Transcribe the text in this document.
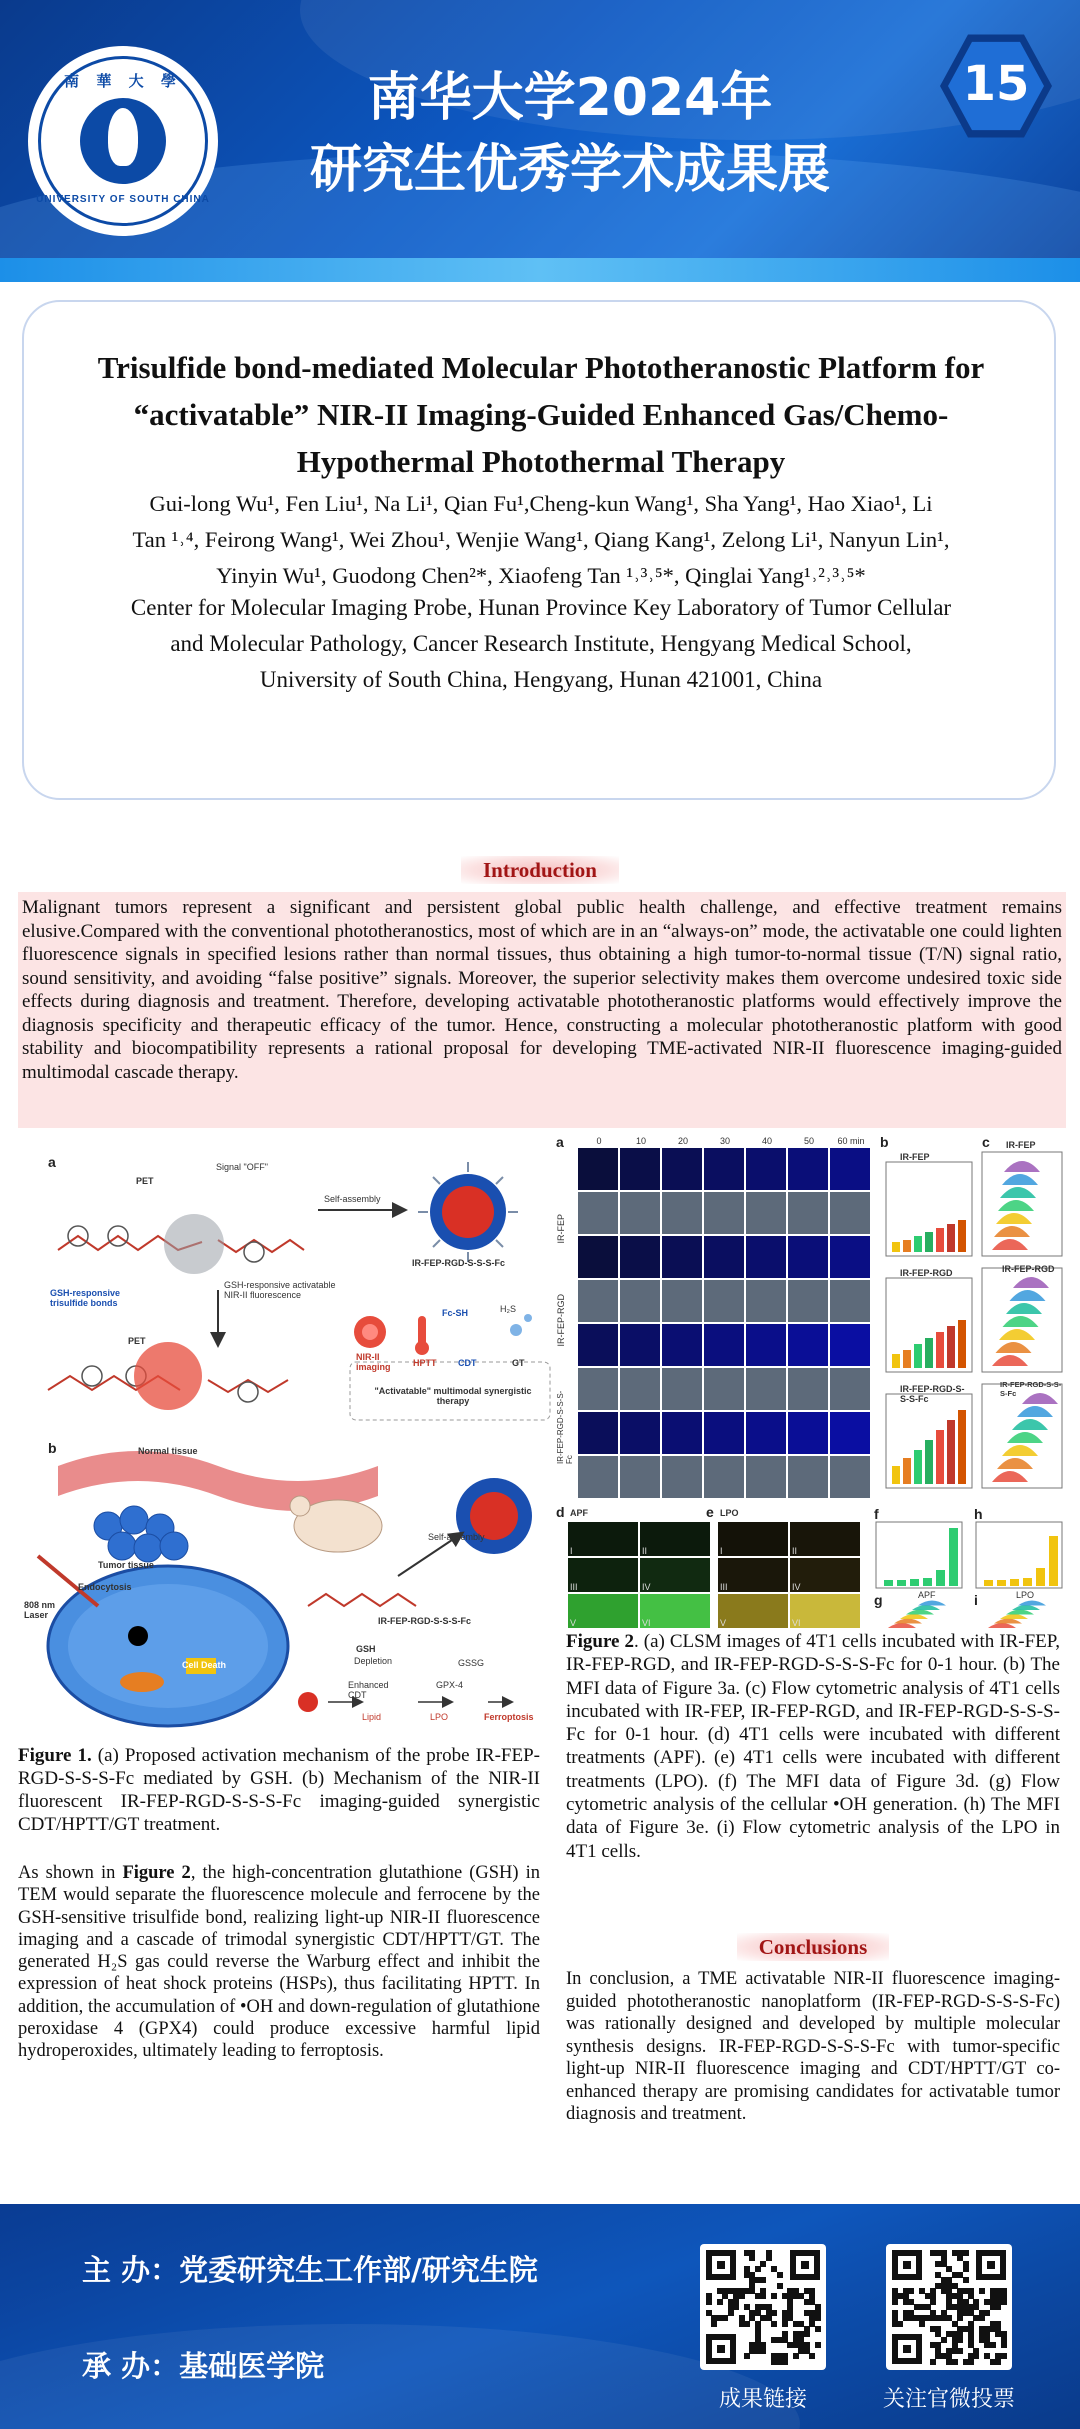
南 華 大 學
UNIVERSITY OF SOUTH CHINA
南华大学2024年
研究生优秀学术成果展
15
Trisulfide bond-mediated Molecular Phototheranostic Platform for
“activatable” NIR-II Imaging-Guided Enhanced Gas/Chemo-
Hypothermal Photothermal Therapy
Gui-long Wu¹, Fen Liu¹, Na Li¹, Qian Fu¹,Cheng-kun Wang¹, Sha Yang¹, Hao Xiao¹, Li
Tan ¹˒⁴, Feirong Wang¹, Wei Zhou¹, Wenjie Wang¹, Qiang Kang¹, Zelong Li¹, Nanyun Lin¹,
Yinyin Wu¹, Guodong Chen²*, Xiaofeng Tan ¹˒³˒⁵*, Qinglai Yang¹˒²˒³˒⁵*
Center for Molecular Imaging Probe, Hunan Province Key Laboratory of Tumor Cellular
and Molecular Pathology, Cancer Research Institute, Hengyang Medical School,
University of South China, Hengyang, Hunan 421001, China
Introduction
Malignant tumors represent a significant and persistent global public health challenge, and effective treatment remains elusive.Compared with the conventional phototheranostics, most of which are in an “always-on” mode, the activatable one could lighten fluorescence signals in specified lesions rather than normal tissues, thus obtaining a high tumor-to-normal tissue (T/N) signal ratio, sound sensitivity, and avoiding “false positive” signals. Moreover, the superior selectivity makes them overcome undesired toxic side effects during diagnosis and treatment. Therefore, developing activatable phototheranostic platforms would effectively improve the diagnosis specificity and therapeutic efficacy of the tumor. Hence, constructing a molecular phototheranostic platform with good stability and biocompatibility represents a rational proposal for developing TME-activated NIR-II fluorescence imaging-guided multimodal cascade therapy.
a
PET
Signal "OFF"
Self-assembly
IR-FEP-RGD-S-S-S-Fc
GSH-responsive trisulfide bonds
GSH-responsive activatable NIR-II fluorescence
PET
NIR-II imaging	HPTT CDT	GT
Fc-SH	H₂S
"Activatable" multimodal synergistic therapy
b	Normal tissue
Tumor tissue
Endocytosis
808 nm Laser
Self-assembly
IR-FEP-RGD-S-S-S-Fc
Cell Death
GSH
Depletion
Enhanced CDT
GSSG
GPX-4
Lipid	LPO	Ferroptosis
Figure 1. (a) Proposed activation mechanism of the probe IR-FEP-RGD-S-S-S-Fc mediated by GSH. (b) Mechanism of the NIR-II fluorescent IR-FEP-RGD-S-S-S-Fc imaging-guided synergistic CDT/HPTT/GT treatment.
As shown in Figure 2, the high-concentration glutathione (GSH) in TEM would separate the fluorescence molecule and ferrocene by the GSH-sensitive trisulfide bond, realizing light-up NIR-II fluorescence imaging and a cascade of trimodal synergistic CDT/HPTT/GT. The generated H₂S gas could reverse the Warburg effect and inhibit the expression of heat shock proteins (HSPs), thus facilitating HPTT. In addition, the accumulation of •OH and down-regulation of glutathione peroxidase 4 (GPX4) could produce excessive harmful lipid hydroperoxides, ultimately leading to ferroptosis.
a
IR-FEP
IR-FEP-RGD
IR-FEP-RGD-S-S-S-Fc
b
IR-FEP
IR-FEP-RGD
IR-FEP-RGD-S-S-S-Fc
c IR-FEP
IR-FEP-RGD
IR-FEP-RGD-S-S-S-Fc
d	e
APF	LPO	f	h
APF	LPO
g	i
0	10	20	30	40	50	60 min
I	I
II	II
III	III
IV	IV
V	V
VI	VI
Figure 2. (a) CLSM images of 4T1 cells incubated with IR-FEP, IR-FEP-RGD, and IR-FEP-RGD-S-S-S-Fc for 0-1 hour. (b) The MFI data of Figure 3a. (c) Flow cytometric analysis of 4T1 cells incubated with IR-FEP, IR-FEP-RGD, and IR-FEP-RGD-S-S-S-Fc for 0-1 hour. (d) 4T1 cells were incubated with different treatments (APF). (e) 4T1 cells were incubated with different treatments (LPO). (f) The MFI data of Figure 3d. (g) Flow cytometric analysis of the cellular •OH generation. (h) The MFI data of Figure 3e. (i) Flow cytometric analysis of the LPO in 4T1 cells.
Conclusions
In conclusion, a TME activatable NIR-II fluorescence imaging-guided phototheranostic nanoplatform (IR-FEP-RGD-S-S-S-Fc) was rationally designed and developed by multiple molecular synthesis designs. IR-FEP-RGD-S-S-S-Fc with tumor-specific light-up NIR-II fluorescence imaging and CDT/HPTT/GT co-enhanced therapy are promising candidates for activatable tumor diagnosis and treatment.
主 办：党委研究生工作部/研究生院
承 办：基础医学院
成果链接	关注官微投票
